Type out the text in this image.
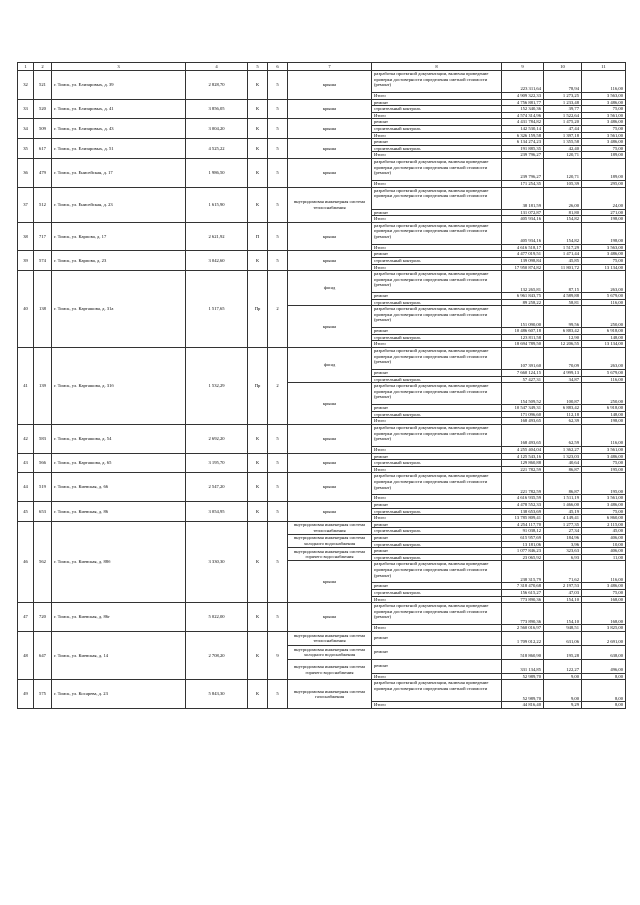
1	2	3	4	5	6	7	8	9	10	11
32	521	г. Томск, ул. Елизаровых, д. 39	2 828,70	К	5	крыша	разработка проектной документации, включая проведение проверки достоверности определения сметной стоимости (ремонт)	223 311,64	78,94	116,00
							Итого	4 909 322,33	1 273,25	3 563,00
33	520	г. Томск, ул. Елизаровых, д. 41	3 856,05	К	5	крыша	ремонт	4 756 881,77	1 233,48	3 486,00
							строительный контроль	152 340,36	39,77	75,00
							Итого	4 574 314,96	1 522,64	3 561,00
34	509	г. Томск, ул. Елизаровых, д. 43	3 004,20	К	5	крыша	ремонт	4 431 784,82	1 475,20	3 486,00
							строительный контроль	142 530,14	47,44	75,00
							Итого	6 326 159,58	1 397,18	3 561,00
35	617	г. Томск, ул. Елизаровых, д. 51	4 525,22	К	5	крыша	ремонт	6 134 274,23	1 355,58	3 486,00
							строительный контроль	191 885,35	42,40	75,00
							Итого	239 796,27	120,71	189,00
36	479	г. Томск, ул. Енисейская, д. 17	1 986,50	К	5	крыша	разработка проектной документации, включая проведение проверки достоверности определения сметной стоимости (ремонт)	239 796,27	120,71	189,00
							Итого	171 254,35	105,39	295,00
37	512	г. Томск, ул. Енисейская, д. 23	1 615,90	К	5	внутридомовая инженерная система теплоснабжения	разработка проектной документации, включая проведение проверки достоверности определения сметной стоимости	38 181,59	26,00	24,00
							ремонт	131 072,87	81,80	271,00
							Итого	405 934,16	154,82	198,00
38	717	г. Томск, ул. Карпова, д. 17	2 621,92	П	5	крыша	разработка проектной документации, включая проведение проверки достоверности определения сметной стоимости (ремонт)	405 934,16	154,82	198,00
							Итого	4 616 518,17	1 517,29	3 563,00
39	574	г. Томск, ул. Карпова, д. 23	3 042,60	К	5	крыша	ремонт	4 477 019,51	1 471,44	3 486,00
							строительный контроль	139 098,84	45,85	75,00
							Итого	17 950 874,82	11 801,72	13 134,00
40	138	г. Томск, ул. Карташова, д. 31а	1 517,65	Пр	2	фасад	разработка проектной документации, включая проведение проверки достоверности определения сметной стоимости (ремонт)	132 265,81	87,15	263,00
							ремонт	6 961 843,75	4 589,88	5 679,00
							строительный контроль	89 258,22	58,81	116,00
						крыша	разработка проектной документации, включая проведение проверки достоверности определения сметной стоимости (ремонт)	151 090,00	99,56	250,00
							ремонт	10 486 607,18	6 883,42	6 918,00
							строительный контроль	123 811,58	12,90	148,00
							Итого	18 694 789,50	12 206,55	13 134,00
41	139	г. Томск, ул. Карташова, д. 31б	1 532,29	Пр	2	фасад	разработка проектной документации, включая проведение проверки достоверности определения сметной стоимости (ремонт)	107 391,60	70,09	263,00
							ремонт	7 660 124,15	4 999,13	5 679,00
							строительный контроль	57 427,31	34,87	116,00
						крыша	разработка проектной документации, включая проведение проверки достоверности определения сметной стоимости (ремонт)	154 509,52	100,87	250,00
							ремонт	10 547 349,31	6 883,42	6 918,00
							строительный контроль	171 096,60	112,18	148,00
							Итого	168 493,65	62,39	198,00
42	583	г. Томск, ул. Карташова, д. 54	2 692,20	К	5	крыша	разработка проектной документации, включая проведение проверки достоверности определения сметной стоимости (ремонт)	168 493,65	62,59	116,00
							Итого	4 255 404,04	1 362,27	3 561,00
43	566	г. Томск, ул. Карташова, д. 65	3 195,70	К	5	крыша	ремонт	4 125 543,16	1 323,03	3 486,00
							строительный контроль	129 860,88	40,64	75,00
							Итого	221 782,59	86,87	195,00
44	519	г. Томск, ул. Киевская, д. 66	2 547,20	К	5	крыша	разработка проектной документации, включая проведение проверки достоверности определения сметной стоимости (ремонт)	221 782,59	86,87	195,00
							Итого	4 616 935,59	1 511,19	3 561,00
45	653	г. Томск, ул. Киевская, д. 86	3 054,95	К	5	крыша	ремонт	4 478 552,33	1 466,00	3 486,00
							строительный контроль	138 653,69	45,19	75,00
							Итого	13 785 809,41	4 149,41	6 860,00
46	562	г. Томск, ул. Киевская, д. 88б	3 330,30	К	5	внутридомовая инженерная система теплоснабжения	ремонт	4 254 117,70	1 277,35	2 115,00
							строительный контроль	91 038,12	27,34	45,00
						внутридомовая инженерная система холодного водоснабжения	ремонт	615 957,69	184,96	406,00
							строительный контроль	13 181,06	3,96	10,00
						внутридомовая инженерная система горячего водоснабжения	ремонт	1 077 846,23	323,63	406,00
							строительный контроль	23 065,92	6,93	11,00
						крыша	разработка проектной документации, включая проведение проверки достоверности определения сметной стоимости (ремонт)	238 315,79	71,62	116,00
							ремонт	7 318 470,68	2 197,53	3 486,00
							строительный контроль	156 615,27	47,03	75,00
							Итого	773 890,36	154,10	168,00
47	720	г. Томск, ул. Киевская, д. 86г	5 022,00	К	5	крыша	разработка проектной документации, включая проведение проверки достоверности определения сметной стоимости (ремонт)	773 890,36	154,10	168,00
							Итого	2 560 016,97	948,51	3 825,00
48	647	г. Томск, ул. Киевская, д. 14	2 708,20	К	9	внутридомовая инженерная система теплоснабжения	ремонт	1 709 012,22	631,06	2 691,00
						внутридомовая инженерная система холодного водоснабжения	ремонт	518 860,90	195,28	638,00
						внутридомовая инженерная система горячего водоснабжения	ремонт	331 134,85	122,27	496,00
							Итого	52 989,70	9,00	8,00
49	575	г. Томск, ул. Косарева, д. 23	5 843,30	К	5	внутридомовая инженерная система газоснабжения	разработка проектной документации, включая проведение проверки достоверности определения сметной стоимости	52 989,70	9,00	8,00
							Итого	44 816,40	9,29	8,00
